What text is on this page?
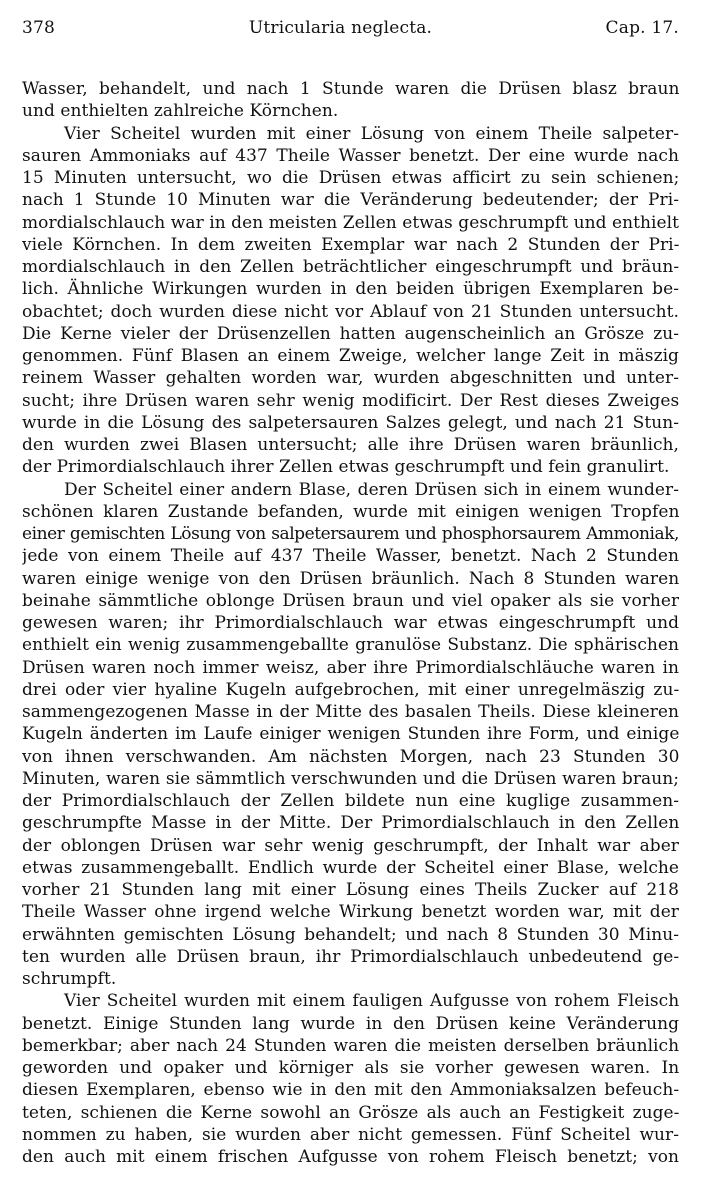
378	Utricularia neglecta.	Cap. 17.
Wasser, behandelt, und nach 1 Stunde waren die Drüsen blasz braun
und enthielten zahlreiche Körnchen.
Vier Scheitel wurden mit einer Lösung von einem Theile salpeter-
sauren Ammoniaks auf 437 Theile Wasser benetzt. Der eine wurde nach
15 Minuten untersucht, wo die Drüsen etwas afficirt zu sein schienen;
nach 1 Stunde 10 Minuten war die Veränderung bedeutender; der Pri-
mordialschlauch war in den meisten Zellen etwas geschrumpft und enthielt
viele Körnchen. In dem zweiten Exemplar war nach 2 Stunden der Pri-
mordialschlauch in den Zellen beträchtlicher eingeschrumpft und bräun-
lich. Ähnliche Wirkungen wurden in den beiden übrigen Exemplaren be-
obachtet; doch wurden diese nicht vor Ablauf von 21 Stunden untersucht.
Die Kerne vieler der Drüsenzellen hatten augenscheinlich an Grösze zu-
genommen. Fünf Blasen an einem Zweige, welcher lange Zeit in mäszig
reinem Wasser gehalten worden war, wurden abgeschnitten und unter-
sucht; ihre Drüsen waren sehr wenig modificirt. Der Rest dieses Zweiges
wurde in die Lösung des salpetersauren Salzes gelegt, und nach 21 Stun-
den wurden zwei Blasen untersucht; alle ihre Drüsen waren bräunlich,
der Primordialschlauch ihrer Zellen etwas geschrumpft und fein granulirt.
Der Scheitel einer andern Blase, deren Drüsen sich in einem wunder-
schönen klaren Zustande befanden, wurde mit einigen wenigen Tropfen
einer gemischten Lösung von salpetersaurem und phosphorsaurem Ammoniak,
jede von einem Theile auf 437 Theile Wasser, benetzt. Nach 2 Stunden
waren einige wenige von den Drüsen bräunlich. Nach 8 Stunden waren
beinahe sämmtliche oblonge Drüsen braun und viel opaker als sie vorher
gewesen waren; ihr Primordialschlauch war etwas eingeschrumpft und
enthielt ein wenig zusammengeballte granulöse Substanz. Die sphärischen
Drüsen waren noch immer weisz, aber ihre Primordialschläuche waren in
drei oder vier hyaline Kugeln aufgebrochen, mit einer unregelmäszig zu-
sammengezogenen Masse in der Mitte des basalen Theils. Diese kleineren
Kugeln änderten im Laufe einiger wenigen Stunden ihre Form, und einige
von ihnen verschwanden. Am nächsten Morgen, nach 23 Stunden 30
Minuten, waren sie sämmtlich verschwunden und die Drüsen waren braun;
der Primordialschlauch der Zellen bildete nun eine kuglige zusammen-
geschrumpfte Masse in der Mitte. Der Primordialschlauch in den Zellen
der oblongen Drüsen war sehr wenig geschrumpft, der Inhalt war aber
etwas zusammengeballt. Endlich wurde der Scheitel einer Blase, welche
vorher 21 Stunden lang mit einer Lösung eines Theils Zucker auf 218
Theile Wasser ohne irgend welche Wirkung benetzt worden war, mit der
erwähnten gemischten Lösung behandelt; und nach 8 Stunden 30 Minu-
ten wurden alle Drüsen braun, ihr Primordialschlauch unbedeutend ge-
schrumpft.
Vier Scheitel wurden mit einem fauligen Aufgusse von rohem Fleisch
benetzt. Einige Stunden lang wurde in den Drüsen keine Veränderung
bemerkbar; aber nach 24 Stunden waren die meisten derselben bräunlich
geworden und opaker und körniger als sie vorher gewesen waren. In
diesen Exemplaren, ebenso wie in den mit den Ammoniaksalzen befeuch-
teten, schienen die Kerne sowohl an Grösze als auch an Festigkeit zuge-
nommen zu haben, sie wurden aber nicht gemessen. Fünf Scheitel wur-
den auch mit einem frischen Aufgusse von rohem Fleisch benetzt; von
